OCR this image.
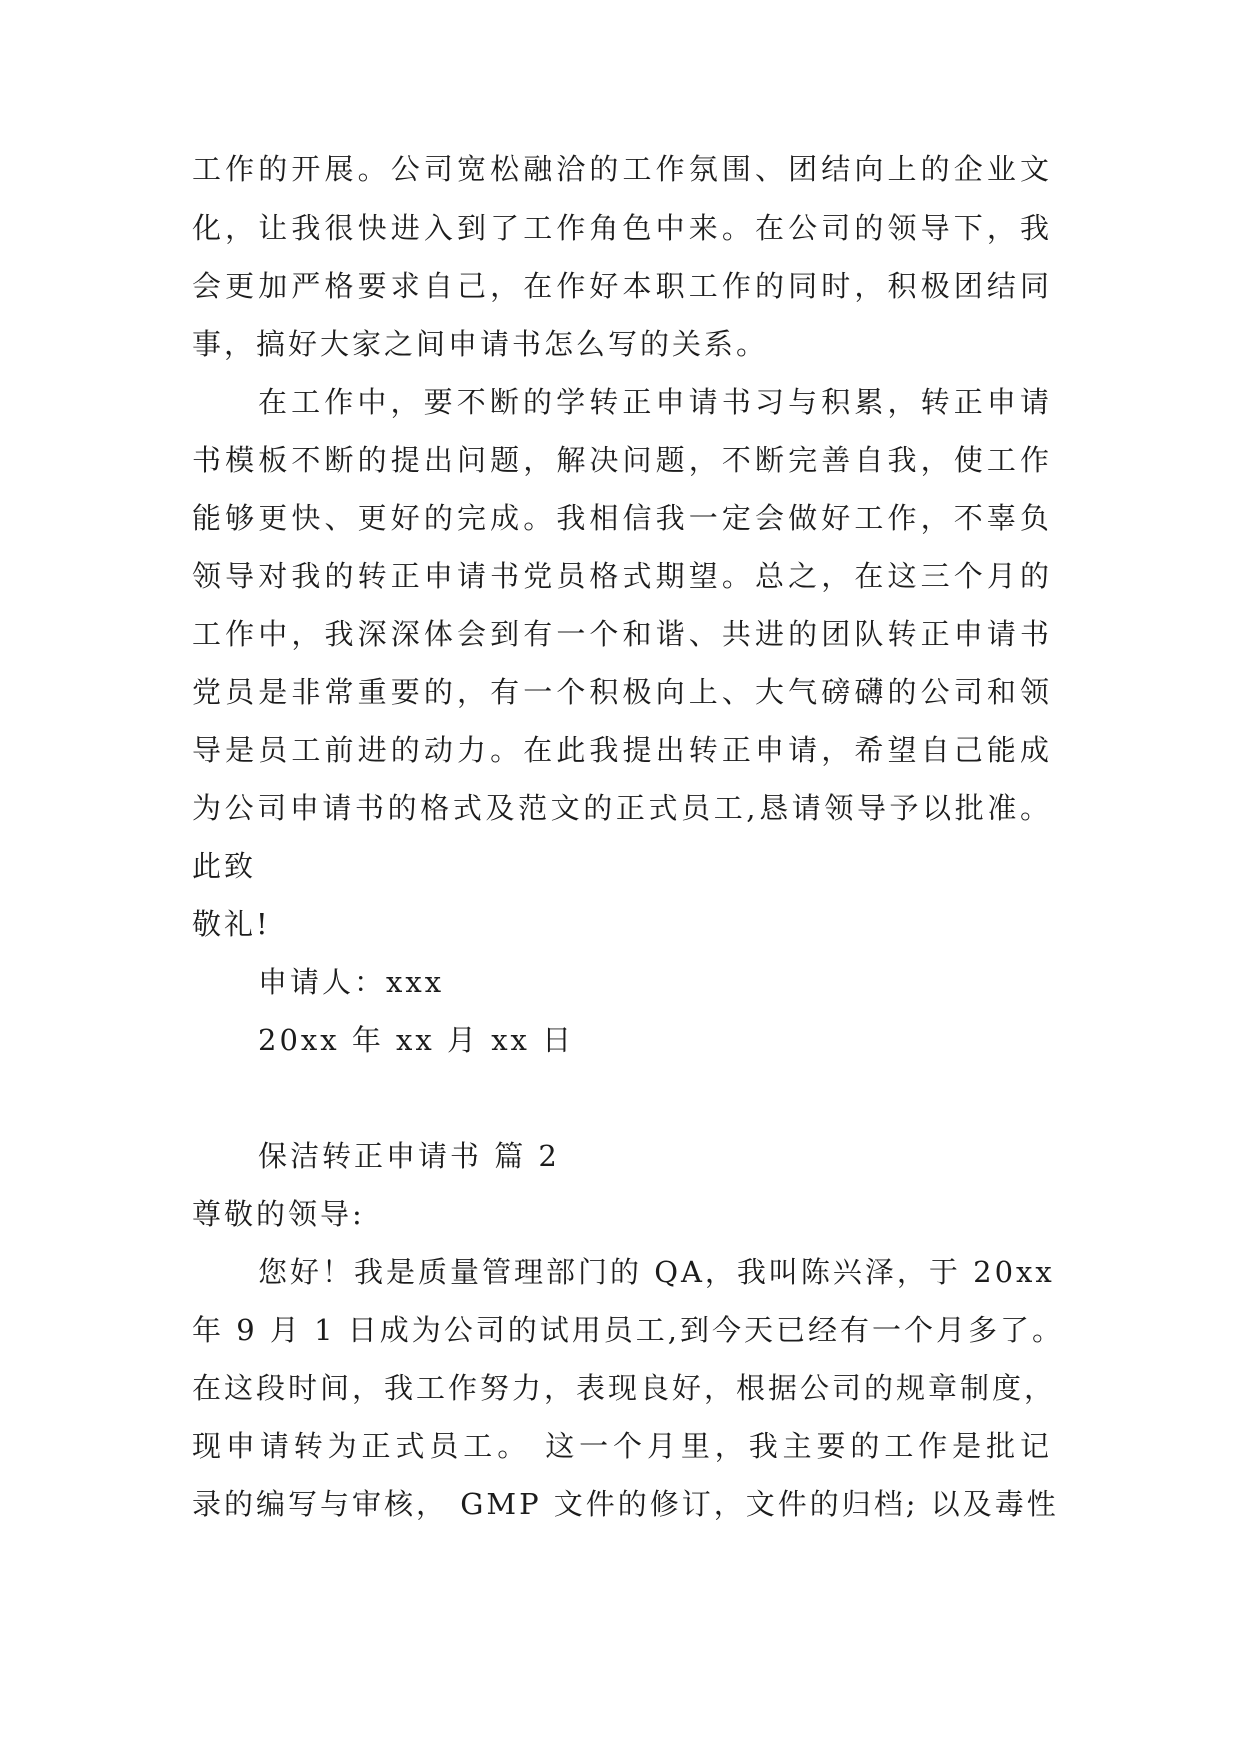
工作的开展。公司宽松融洽的工作氛围、团结向上的企业文
化，让我很快进入到了工作角色中来。在公司的领导下，我
会更加严格要求自己，在作好本职工作的同时，积极团结同
事，搞好大家之间申请书怎么写的关系。
在工作中，要不断的学转正申请书习与积累，转正申请
书模板不断的提出问题，解决问题，不断完善自我，使工作
能够更快、更好的完成。我相信我一定会做好工作，不辜负
领导对我的转正申请书党员格式期望。总之，在这三个月的
工作中，我深深体会到有一个和谐、共进的团队转正申请书
党员是非常重要的，有一个积极向上、大气磅礴的公司和领
导是员工前进的动力。在此我提出转正申请，希望自己能成
为公司申请书的格式及范文的正式员工,恳请领导予以批准。
此致
敬礼!
申请人：xxx
20xx 年 xx 月 xx 日
保洁转正申请书 篇 2
尊敬的领导:
您好！我是质量管理部门的 QA，我叫陈兴泽，于 20xx
年 9 月 1 日成为公司的试用员工,到今天已经有一个月多了。
在这段时间，我工作努力，表现良好，根据公司的规章制度，
现申请转为正式员工。 这一个月里，我主要的工作是批记
录的编写与审核， GMP 文件的修订，文件的归档; 以及毒性
